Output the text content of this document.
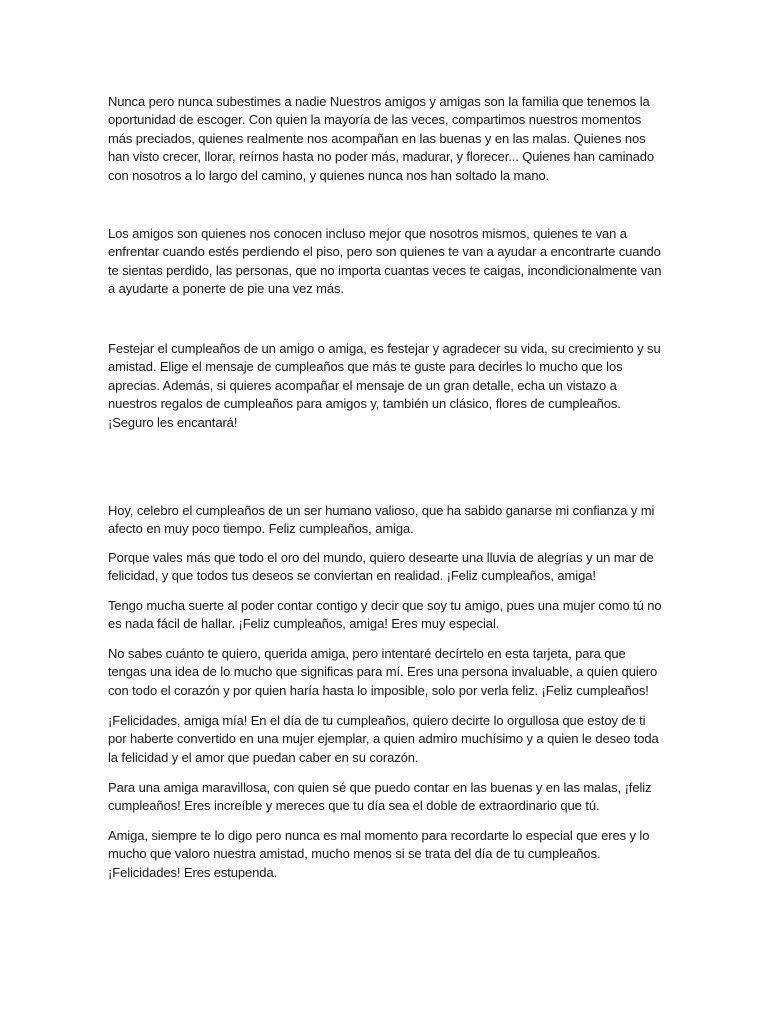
Nunca pero nunca subestimes a nadie Nuestros amigos y amigas son la familia que tenemos la oportunidad de escoger. Con quien la mayoría de las veces, compartimos nuestros momentos más preciados, quienes realmente nos acompañan en las buenas y en las malas. Quienes nos han visto crecer, llorar, reírnos hasta no poder más, madurar, y florecer... Quienes han caminado con nosotros a lo largo del camino, y quienes nunca nos han soltado la mano.

Los amigos son quienes nos conocen incluso mejor que nosotros mismos, quienes te van a enfrentar cuando estés perdiendo el piso, pero son quienes te van a ayudar a encontrarte cuando te sientas perdido, las personas, que no importa cuantas veces te caigas, incondicionalmente van a ayudarte a ponerte de pie una vez más.

Festejar el cumpleaños de un amigo o amiga, es festejar y agradecer su vida, su crecimiento y su amistad. Elige el mensaje de cumpleaños que más te guste para decirles lo mucho que los aprecias. Además, si quieres acompañar el mensaje de un gran detalle, echa un vistazo a nuestros regalos de cumpleaños para amigos y, también un clásico, flores de cumpleaños. ¡Seguro les encantará!

Hoy, celebro el cumpleaños de un ser humano valioso, que ha sabido ganarse mi confianza y mi afecto en muy poco tiempo. Feliz cumpleaños, amiga.

Porque vales más que todo el oro del mundo, quiero desearte una lluvia de alegrías y un mar de felicidad, y que todos tus deseos se conviertan en realidad. ¡Feliz cumpleaños, amiga!

Tengo mucha suerte al poder contar contigo y decir que soy tu amigo, pues una mujer como tú no es nada fácil de hallar. ¡Feliz cumpleaños, amiga! Eres muy especial.

No sabes cuánto te quiero, querida amiga, pero intentaré decírtelo en esta tarjeta, para que tengas una idea de lo mucho que significas para mí. Eres una persona invaluable, a quien quiero con todo el corazón y por quien haría hasta lo imposible, solo por verla feliz. ¡Feliz cumpleaños!

¡Felicidades, amiga mía! En el día de tu cumpleaños, quiero decirte lo orgullosa que estoy de ti por haberte convertido en una mujer ejemplar, a quien admiro muchísimo y a quien le deseo toda la felicidad y el amor que puedan caber en su corazón.

Para una amiga maravillosa, con quien sé que puedo contar en las buenas y en las malas, ¡feliz cumpleaños! Eres increíble y mereces que tu día sea el doble de extraordinario que tú.

Amiga, siempre te lo digo pero nunca es mal momento para recordarte lo especial que eres y lo mucho que valoro nuestra amistad, mucho menos si se trata del día de tu cumpleaños. ¡Felicidades! Eres estupenda.
